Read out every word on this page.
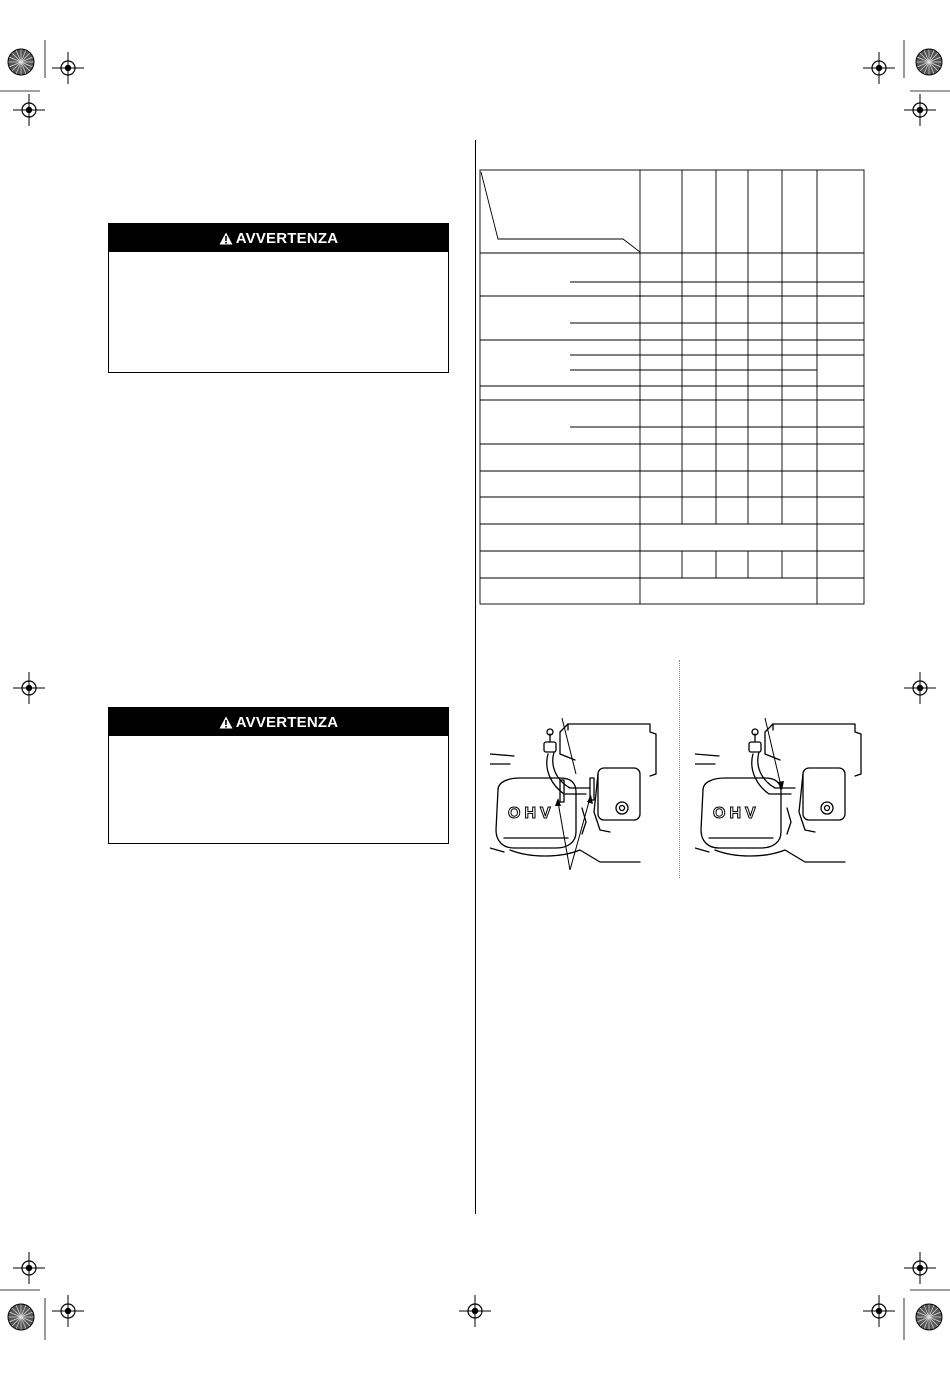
AVVERTENZA
AVVERTENZA
OHV	OHV
